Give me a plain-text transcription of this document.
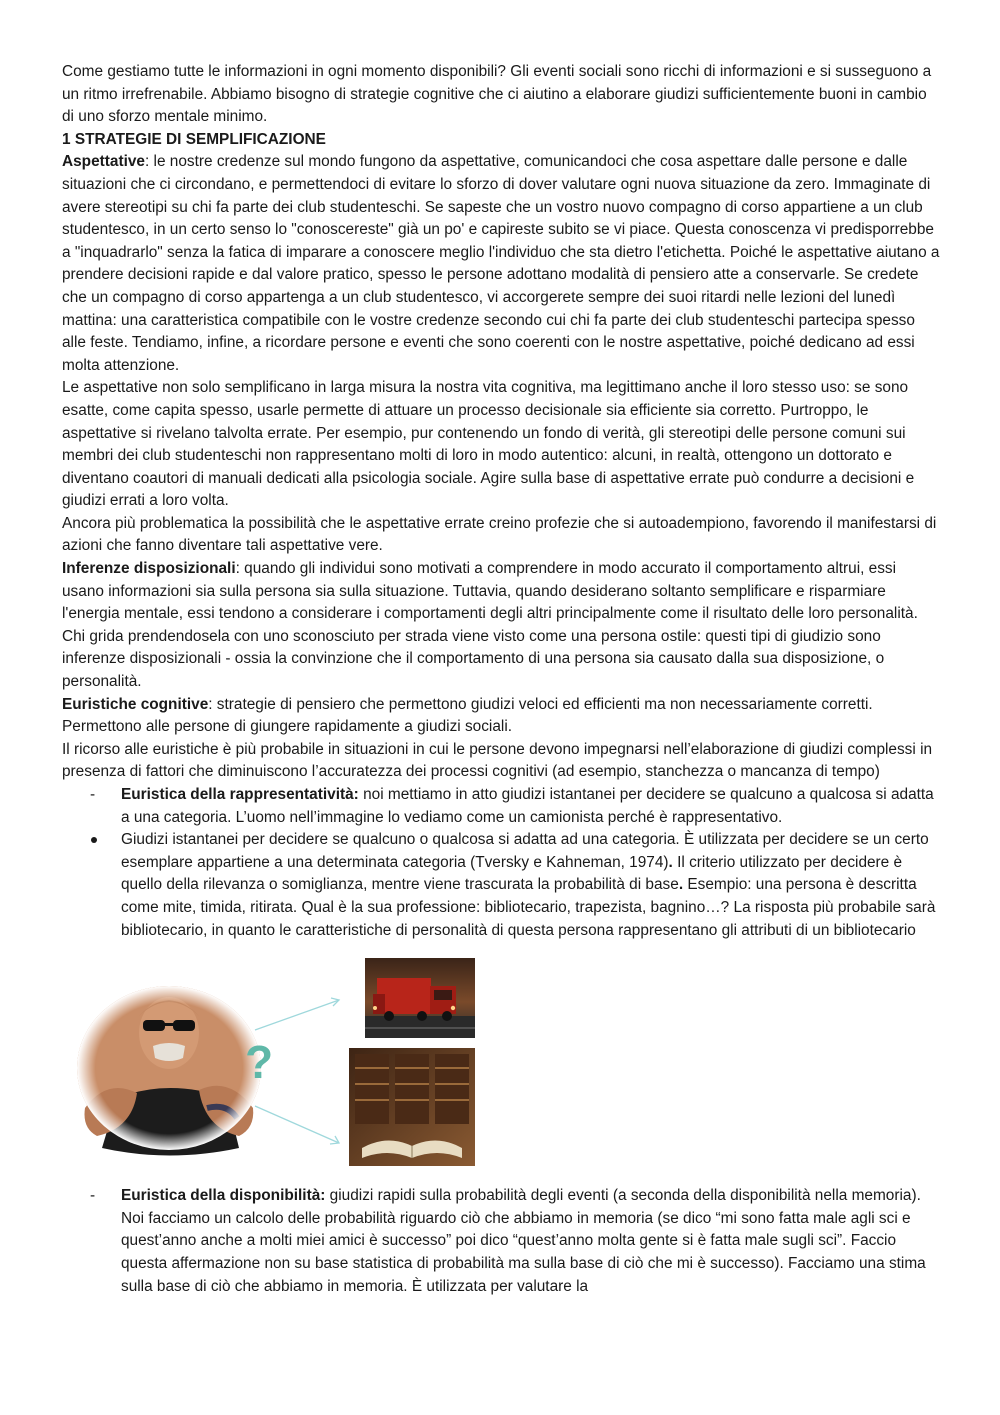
Come gestiamo tutte le informazioni in ogni momento disponibili? Gli eventi sociali sono ricchi di informazioni e si susseguono a un ritmo irrefrenabile. Abbiamo bisogno di strategie cognitive che ci aiutino a elaborare giudizi sufficientemente buoni in cambio di uno sforzo mentale minimo.

1 STRATEGIE DI SEMPLIFICAZIONE

Aspettative: le nostre credenze sul mondo fungono da aspettative, comunicandoci che cosa aspettare dalle persone e dalle situazioni che ci circondano, e permettendoci di evitare lo sforzo di dover valutare ogni nuova situazione da zero. Immaginate di avere stereotipi su chi fa parte dei club studenteschi. Se sapeste che un vostro nuovo compagno di corso appartiene a un club studentesco, in un certo senso lo "conoscereste" già un po' e capireste subito se vi piace. Questa conoscenza vi predisporrebbe a "inquadrarlo" senza la fatica di imparare a conoscere meglio l'individuo che sta dietro l'etichetta. Poiché le aspettative aiutano a prendere decisioni rapide e dal valore pratico, spesso le persone adottano modalità di pensiero atte a conservarle. Se credete che un compagno di corso appartenga a un club studentesco, vi accorgerete sempre dei suoi ritardi nelle lezioni del lunedì mattina: una caratteristica compatibile con le vostre credenze secondo cui chi fa parte dei club studenteschi partecipa spesso alle feste. Tendiamo, infine, a ricordare persone e eventi che sono coerenti con le nostre aspettative, poiché dedicano ad essi molta attenzione.

Le aspettative non solo semplificano in larga misura la nostra vita cognitiva, ma legittimano anche il loro stesso uso: se sono esatte, come capita spesso, usarle permette di attuare un processo decisionale sia efficiente sia corretto. Purtroppo, le aspettative si rivelano talvolta errate. Per esempio, pur contenendo un fondo di verità, gli stereotipi delle persone comuni sui membri dei club studenteschi non rappresentano molti di loro in modo autentico: alcuni, in realtà, ottengono un dottorato e diventano coautori di manuali dedicati alla psicologia sociale. Agire sulla base di aspettative errate può condurre a decisioni e giudizi errati a loro volta.

Ancora più problematica la possibilità che le aspettative errate creino profezie che si autoadempiono, favorendo il manifestarsi di azioni che fanno diventare tali aspettative vere.

Inferenze disposizionali: quando gli individui sono motivati a comprendere in modo accurato il comportamento altrui, essi usano informazioni sia sulla persona sia sulla situazione. Tuttavia, quando desiderano soltanto semplificare e risparmiare l'energia mentale, essi tendono a considerare i comportamenti degli altri principalmente come il risultato delle loro personalità. Chi grida prendendosela con uno sconosciuto per strada viene visto come una persona ostile: questi tipi di giudizio sono inferenze disposizionali - ossia la convinzione che il comportamento di una persona sia causato dalla sua disposizione, o personalità.

Euristiche cognitive: strategie di pensiero che permettono giudizi veloci ed efficienti ma non necessariamente corretti. Permettono alle persone di giungere rapidamente a giudizi sociali.

Il ricorso alle euristiche è più probabile in situazioni in cui le persone devono impegnarsi nell’elaborazione di giudizi complessi in presenza di fattori che diminuiscono l’accuratezza dei processi cognitivi (ad esempio, stanchezza o mancanza di tempo)

-	Euristica della rappresentatività: noi mettiamo in atto giudizi istantanei per decidere se qualcuno a qualcosa si adatta a una categoria. L’uomo nell’immagine lo vediamo come un camionista perché è rappresentativo.
Giudizi istantanei per decidere se qualcuno o qualcosa si adatta ad una categoria. È utilizzata per decidere se un certo esemplare appartiene a una determinata categoria (Tversky e Kahneman, 1974). Il criterio utilizzato per decidere è quello della rilevanza o somiglianza, mentre viene trascurata la probabilità di base. Esempio: una persona è descritta come mite, timida, ritirata. Qual è la sua professione: bibliotecario, trapezista, bagnino…? La risposta più probabile sarà bibliotecario, in quanto le caratteristiche di personalità di questa persona rappresentano gli attributi di un bibliotecario
?
-	Euristica della disponibilità: giudizi rapidi sulla probabilità degli eventi (a seconda della disponibilità nella memoria). Noi facciamo un calcolo delle probabilità riguardo ciò che abbiamo in memoria (se dico “mi sono fatta male agli sci e quest’anno anche a molti miei amici è successo” poi dico “quest’anno molta gente si è fatta male sugli sci”. Faccio questa affermazione non su base statistica di probabilità ma sulla base di ciò che mi è successo). Facciamo una stima sulla base di ciò che abbiamo in memoria. È utilizzata per valutare la
